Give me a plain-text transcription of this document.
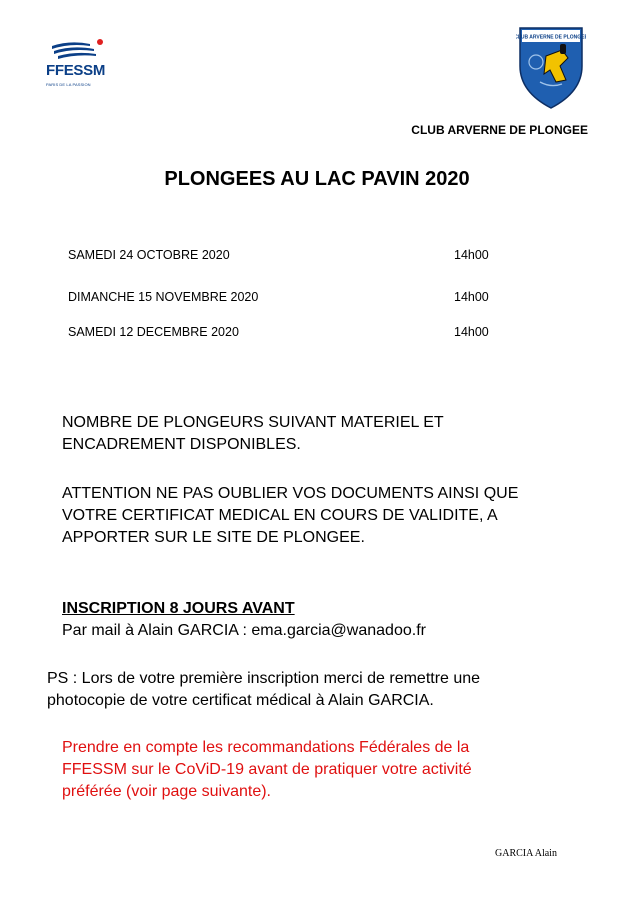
FFESSM
PARIS DE LA PASSION
CLUB ARVERNE DE PLONGEE
CLUB ARVERNE DE PLONGEE
PLONGEES AU LAC PAVIN 2020
SAMEDI 24 OCTOBRE 2020	14h00
DIMANCHE 15 NOVEMBRE 2020	14h00
SAMEDI 12 DECEMBRE 2020	14h00
NOMBRE DE PLONGEURS SUIVANT MATERIEL ET
ENCADREMENT DISPONIBLES.
ATTENTION NE PAS OUBLIER VOS DOCUMENTS AINSI QUE
VOTRE CERTIFICAT MEDICAL EN COURS DE VALIDITE, A
APPORTER SUR LE SITE DE PLONGEE.
INSCRIPTION 8 JOURS AVANT
Par mail à Alain GARCIA : ema.garcia@wanadoo.fr
PS : Lors de votre première inscription merci de remettre une
photocopie de votre certificat médical à Alain GARCIA.
Prendre en compte les recommandations Fédérales de la
FFESSM sur le CoViD-19 avant de pratiquer votre activité
préférée (voir page suivante).
GARCIA Alain
